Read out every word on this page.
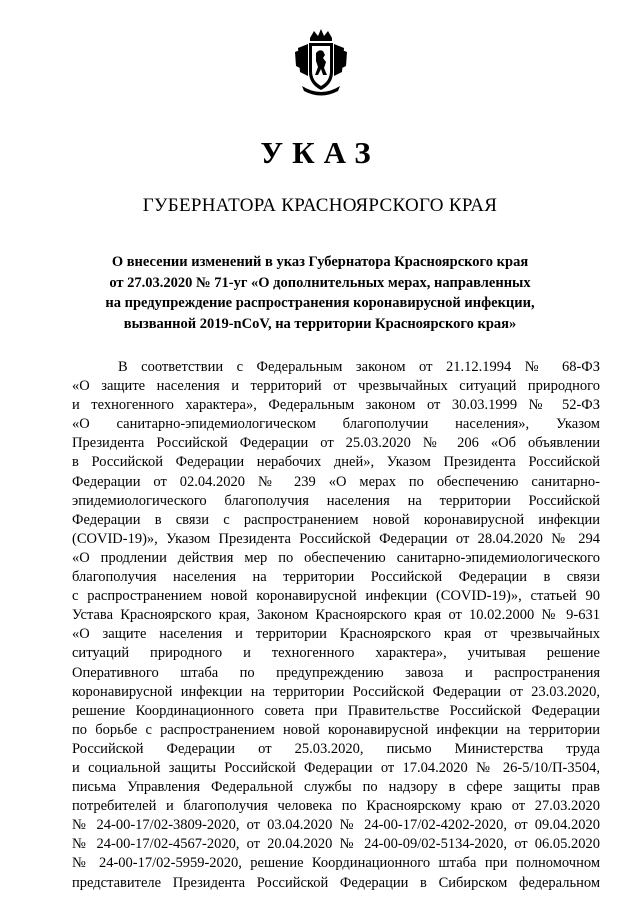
УКАЗ
ГУБЕРНАТОРА КРАСНОЯРСКОГО КРАЯ
О внесении изменений в указ Губернатора Красноярского края
от 27.03.2020 № 71-уг «О дополнительных мерах, направленных
на предупреждение распространения коронавирусной инфекции,
вызванной 2019-nCoV, на территории Красноярского края»
В соответствии с Федеральным законом от 21.12.1994 № 68-ФЗ
«О защите населения и территорий от чрезвычайных ситуаций природного
и техногенного характера», Федеральным законом от 30.03.1999 № 52-ФЗ
«О санитарно-эпидемиологическом благополучии населения», Указом
Президента Российской Федерации от 25.03.2020 № 206 «Об объявлении
в Российской Федерации нерабочих дней», Указом Президента Российской
Федерации от 02.04.2020 № 239 «О мерах по обеспечению санитарно-
эпидемиологического благополучия населения на территории Российской
Федерации в связи с распространением новой коронавирусной инфекции
(COVID-19)», Указом Президента Российской Федерации от 28.04.2020 № 294
«О продлении действия мер по обеспечению санитарно-эпидемиологического
благополучия населения на территории Российской Федерации в связи
с распространением новой коронавирусной инфекции (COVID-19)», статьей 90
Устава Красноярского края, Законом Красноярского края от 10.02.2000 № 9-631
«О защите населения и территории Красноярского края от чрезвычайных
ситуаций природного и техногенного характера», учитывая решение
Оперативного штаба по предупреждению завоза и распространения
коронавирусной инфекции на территории Российской Федерации от 23.03.2020,
решение Координационного совета при Правительстве Российской Федерации
по борьбе с распространением новой коронавирусной инфекции на территории
Российской Федерации от 25.03.2020, письмо Министерства труда
и социальной защиты Российской Федерации от 17.04.2020 № 26-5/10/П-3504,
письма Управления Федеральной службы по надзору в сфере защиты прав
потребителей и благополучия человека по Красноярскому краю от 27.03.2020
№ 24-00-17/02-3809-2020, от 03.04.2020 № 24-00-17/02-4202-2020, от 09.04.2020
№ 24-00-17/02-4567-2020, от 20.04.2020 № 24-00-09/02-5134-2020, от 06.05.2020
№ 24-00-17/02-5959-2020, решение Координационного штаба при полномочном
представителе Президента Российской Федерации в Сибирском федеральном
